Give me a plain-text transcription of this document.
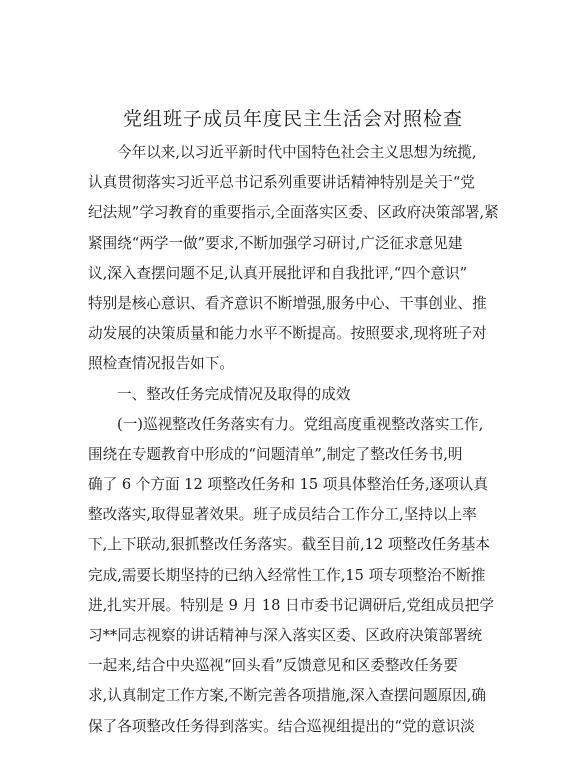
党组班子成员年度民主生活会对照检查
今年以来,以习近平新时代中国特色社会主义思想为统揽,
认真贯彻落实习近平总书记系列重要讲话精神特别是关于“党
纪法规”学习教育的重要指示,全面落实区委、区政府决策部署,紧
紧围绕“两学一做”要求,不断加强学习研讨,广泛征求意见建
议,深入查摆问题不足,认真开展批评和自我批评,“四个意识”
特别是核心意识、看齐意识不断增强,服务中心、干事创业、推
动发展的决策质量和能力水平不断提高。按照要求,现将班子对
照检查情况报告如下。
一、整改任务完成情况及取得的成效
(一)巡视整改任务落实有力。党组高度重视整改落实工作,
围绕在专题教育中形成的“问题清单”,制定了整改任务书,明
确了 6 个方面 12 项整改任务和 15 项具体整治任务,逐项认真
整改落实,取得显著效果。班子成员结合工作分工,坚持以上率
下,上下联动,狠抓整改任务落实。截至目前,12 项整改任务基本
完成,需要长期坚持的已纳入经常性工作,15 项专项整治不断推
进,扎实开展。特别是 9 月 18 日市委书记调研后,党组成员把学
习**同志视察的讲话精神与深入落实区委、区政府决策部署统
一起来,结合中央巡视“回头看”反馈意见和区委整改任务要
求,认真制定工作方案,不断完善各项措施,深入查摆问题原因,确
保了各项整改任务得到落实。结合巡视组提出的“党的意识淡
